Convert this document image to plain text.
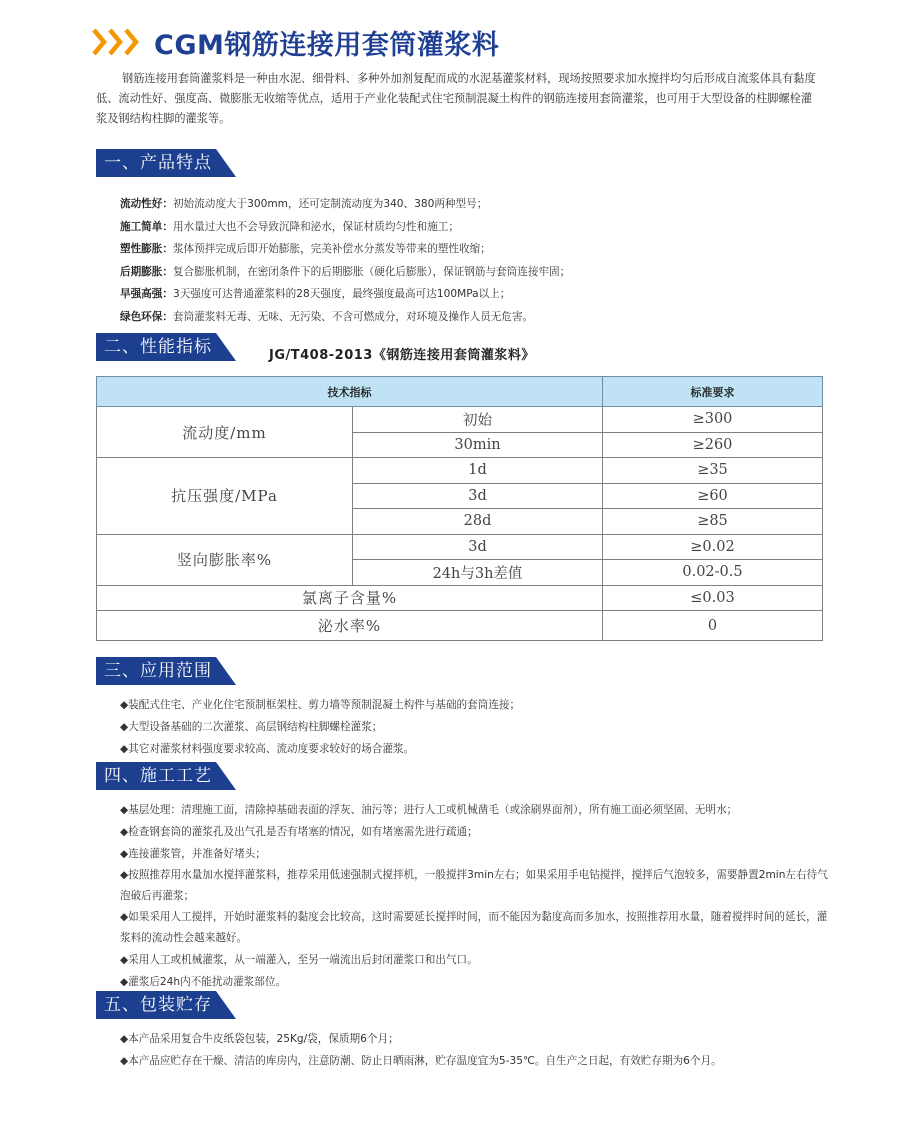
CGM钢筋连接用套筒灌浆料

钢筋连接用套筒灌浆料是一种由水泥、细骨料、多种外加剂复配而成的水泥基灌浆材料，现场按照要求加水搅拌均匀后形成自流浆体具有黏度低、流动性好、强度高、微膨胀无收缩等优点，适用于产业化装配式住宅预制混凝土构件的钢筋连接用套筒灌浆，也可用于大型设备的柱脚螺栓灌浆及钢结构柱脚的灌浆等。

一、产品特点
流动性好：初始流动度大于300mm，还可定制流动度为340、380两种型号；
施工简单：用水量过大也不会导致沉降和泌水，保证材质均匀性和施工；
塑性膨胀：浆体预拌完成后即开始膨胀，完美补偿水分蒸发等带来的塑性收缩；
后期膨胀：复合膨胀机制，在密闭条件下的后期膨胀（硬化后膨胀），保证钢筋与套筒连接牢固；
早强高强：3天强度可达普通灌浆料的28天强度，最终强度最高可达100MPa以上；
绿色环保：套筒灌浆料无毒、无味、无污染、不含可燃成分，对环境及操作人员无危害。
二、性能指标	JG/T408-2013《钢筋连接用套筒灌浆料》
技术指标		标准要求
流动度/mm	初始	≥300
	30min	≥260
抗压强度/MPa	1d	≥35
	3d	≥60
	28d	≥85
竖向膨胀率%	3d	≥0.02
	24h与3h差值	0.02-0.5
氯离子含量%		≤0.03
泌水率%		0
三、应用范围
◆装配式住宅、产业化住宅预制框架柱、剪力墙等预制混凝土构件与基础的套筒连接；
◆大型设备基础的二次灌浆、高层钢结构柱脚螺栓灌浆；
◆其它对灌浆材料强度要求较高、流动度要求较好的场合灌浆。
四、施工工艺
◆基层处理：清理施工面，清除掉基础表面的浮灰、油污等；进行人工或机械凿毛（或涂刷界面剂），所有施工面必须坚固、无明水；
◆检查钢套筒的灌浆孔及出气孔是否有堵塞的情况，如有堵塞需先进行疏通；
◆连接灌浆管，并准备好堵头；
◆按照推荐用水量加水搅拌灌浆料，推荐采用低速强制式搅拌机，一般搅拌3min左右；如果采用手电钻搅拌，搅拌后气泡较多，需要静置2min左右待气泡破后再灌浆；
◆如果采用人工搅拌，开始时灌浆料的黏度会比较高，这时需要延长搅拌时间，而不能因为黏度高而多加水，按照推荐用水量，随着搅拌时间的延长，灌浆料的流动性会越来越好。
◆采用人工或机械灌浆，从一端灌入，至另一端流出后封闭灌浆口和出气口。
◆灌浆后24h内不能扰动灌浆部位。
五、包装贮存
◆本产品采用复合牛皮纸袋包装，25Kg/袋，保质期6个月；
◆本产品应贮存在干燥、清洁的库房内，注意防潮、防止日晒雨淋，贮存温度宜为5-35℃。自生产之日起，有效贮存期为6个月。
